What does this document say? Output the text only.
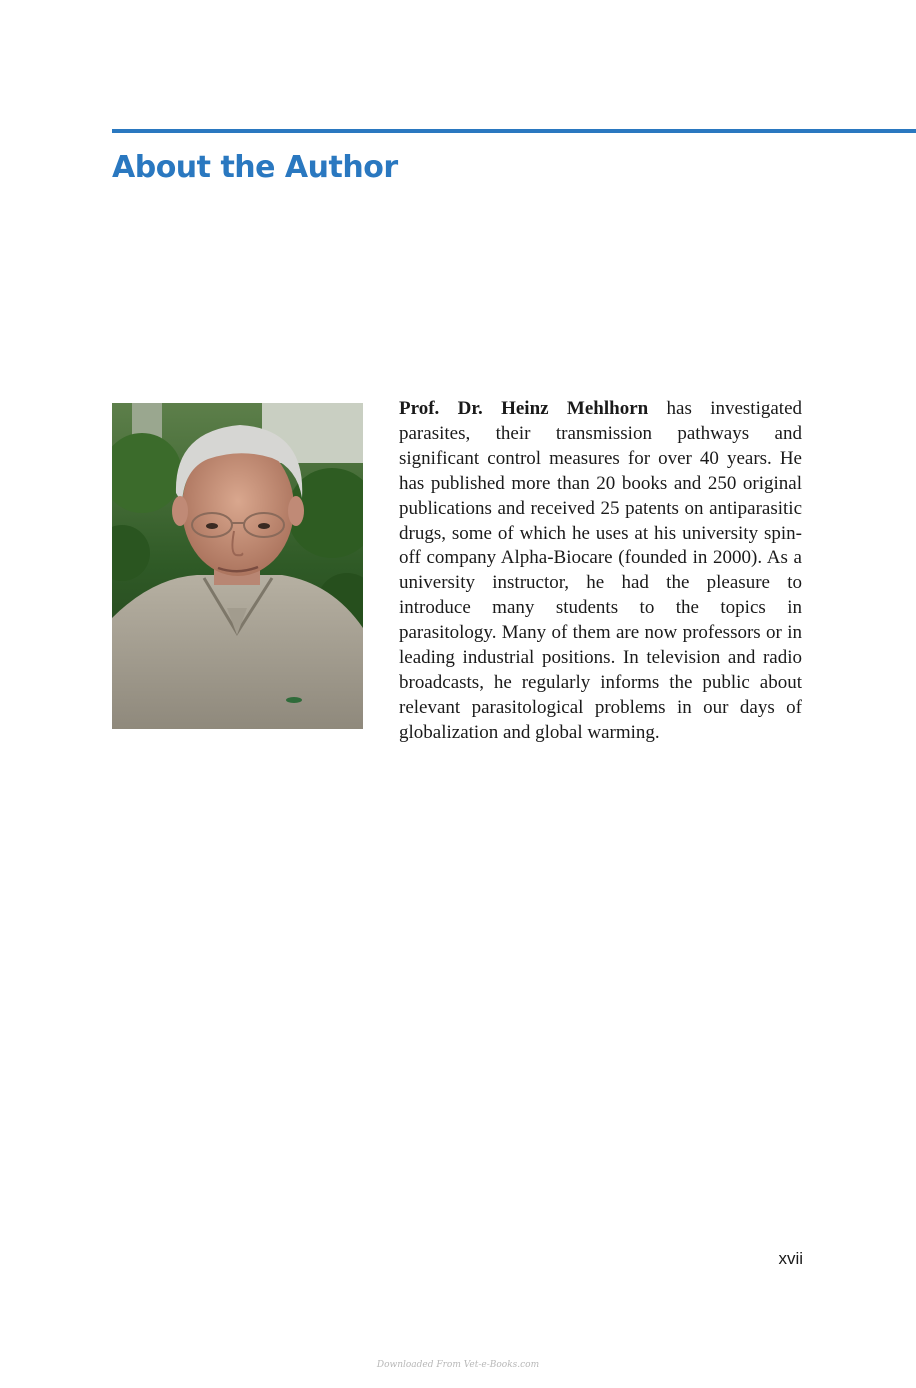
About the Author

Prof. Dr. Heinz Mehlhorn has investigated parasites, their transmission pathways and significant control measures for over 40 years. He has published more than 20 books and 250 original publications and received 25 patents on antiparasitic drugs, some of which he uses at his university spin-off company Alpha-Biocare (founded in 2000). As a university instructor, he had the pleasure to introduce many students to the topics in parasitology. Many of them are now professors or in leading industrial positions. In television and radio broadcasts, he regularly informs the public about relevant parasitological problems in our days of globalization and global warming.

xvii
Downloaded From Vet-e-Books.com
